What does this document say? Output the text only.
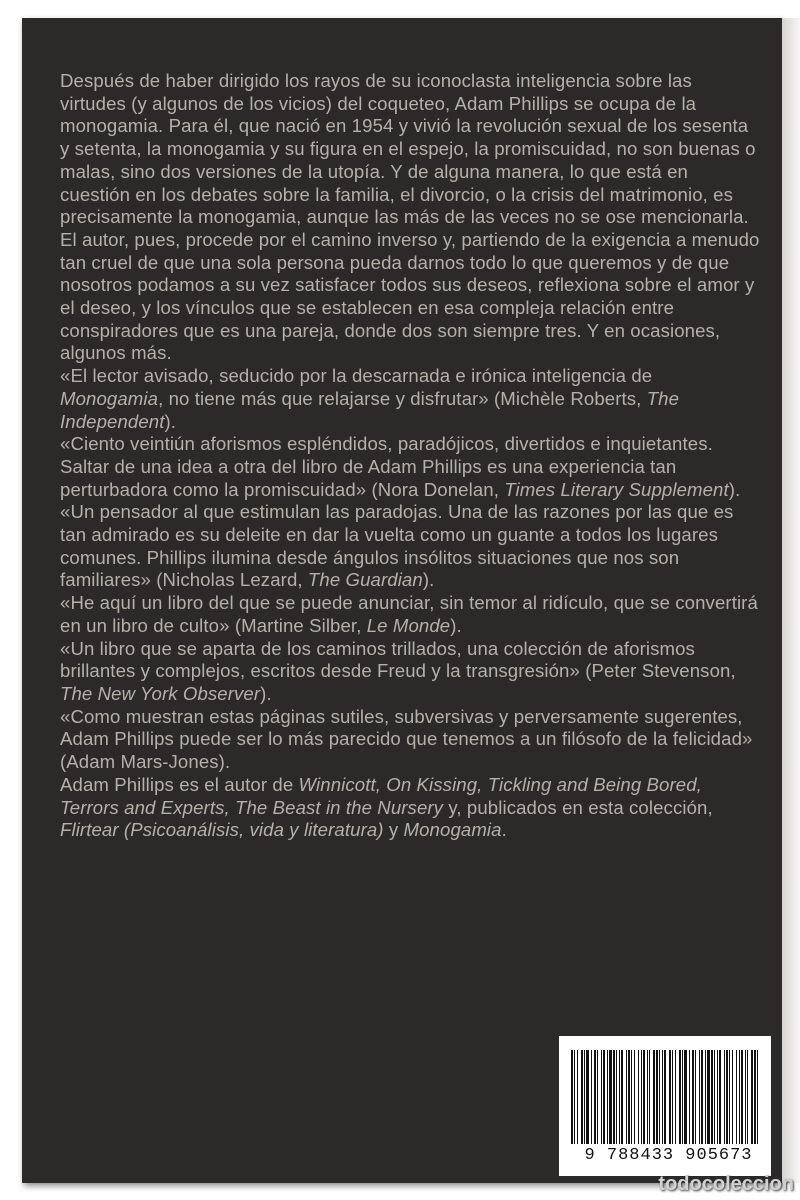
Después de haber dirigido los rayos de su iconoclasta inteligencia sobre las virtudes (y algunos de los vicios) del coqueteo, Adam Phillips se ocupa de la monogamia. Para él, que nació en 1954 y vivió la revolución sexual de los sesenta y setenta, la monogamia y su figura en el espejo, la promiscuidad, no son buenas o malas, sino dos versiones de la utopía. Y de alguna manera, lo que está en cuestión en los debates sobre la familia, el divorcio, o la crisis del matrimonio, es precisamente la monogamia, aunque las más de las veces no se ose mencionarla.

El autor, pues, procede por el camino inverso y, partiendo de la exigencia a menudo tan cruel de que una sola persona pueda darnos todo lo que queremos y de que nosotros podamos a su vez satisfacer todos sus deseos, reflexiona sobre el amor y el deseo, y los vínculos que se establecen en esa compleja relación entre conspiradores que es una pareja, donde dos son siempre tres. Y en ocasiones, algunos más.

«El lector avisado, seducido por la descarnada e irónica inteligencia de Monogamia, no tiene más que relajarse y disfrutar» (Michèle Roberts, The Independent).

«Ciento veintiún aforismos espléndidos, paradójicos, divertidos e inquietantes. Saltar de una idea a otra del libro de Adam Phillips es una experiencia tan perturbadora como la promiscuidad» (Nora Donelan, Times Literary Supplement).

«Un pensador al que estimulan las paradojas. Una de las razones por las que es tan admirado es su deleite en dar la vuelta como un guante a todos los lugares comunes. Phillips ilumina desde ángulos insólitos situaciones que nos son familiares» (Nicholas Lezard, The Guardian).

«He aquí un libro del que se puede anunciar, sin temor al ridículo, que se convertirá en un libro de culto» (Martine Silber, Le Monde).

«Un libro que se aparta de los caminos trillados, una colección de aforismos brillantes y complejos, escritos desde Freud y la transgresión» (Peter Stevenson, The New York Observer).

«Como muestran estas páginas sutiles, subversivas y perversamente sugerentes, Adam Phillips puede ser lo más parecido que tenemos a un filósofo de la felicidad» (Adam Mars-Jones).

Adam Phillips es el autor de Winnicott, On Kissing, Tickling and Being Bored, Terrors and Experts, The Beast in the Nursery y, publicados en esta colección, Flirtear (Psicoanálisis, vida y literatura) y Monogamia.

9 788433 905673
todocoleccion
